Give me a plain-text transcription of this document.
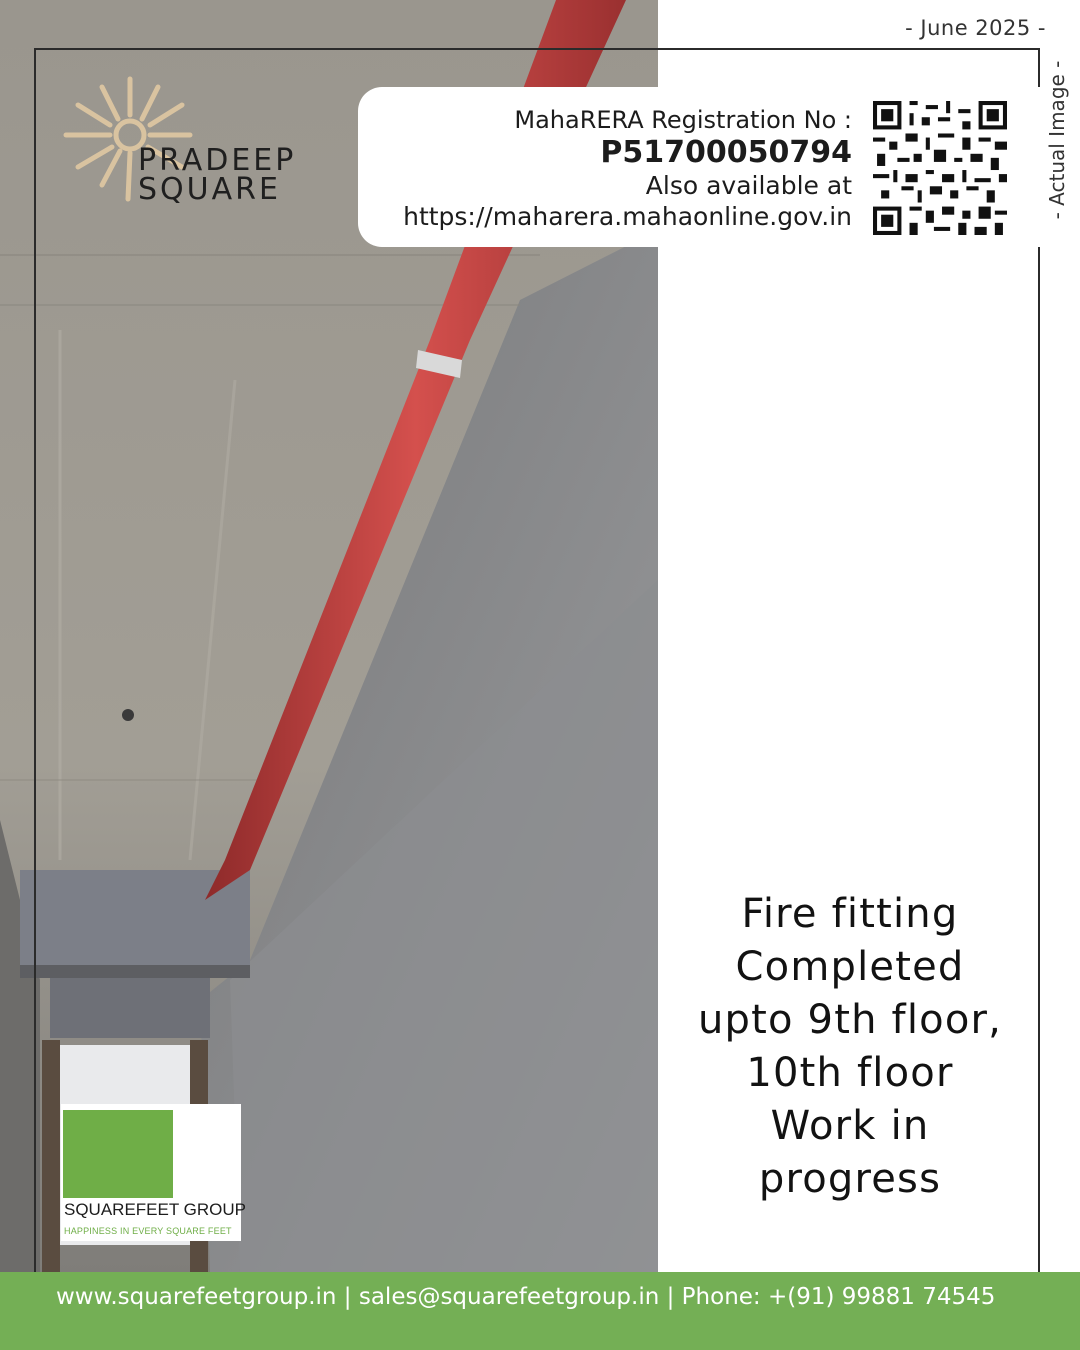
- June 2025 -
- Actual Image -
PRADEEP
SQUARE
MahaRERA Registration No :
P51700050794
Also available at
https://maharera.mahaonline.gov.in
SQUAREFEET GROUP
HAPPINESS IN EVERY SQUARE FEET
Fire fitting
Completed
upto 9th floor,
10th floor
Work in
progress
www.squarefeetgroup.in | sales@squarefeetgroup.in | Phone: +(91) 99881 74545
